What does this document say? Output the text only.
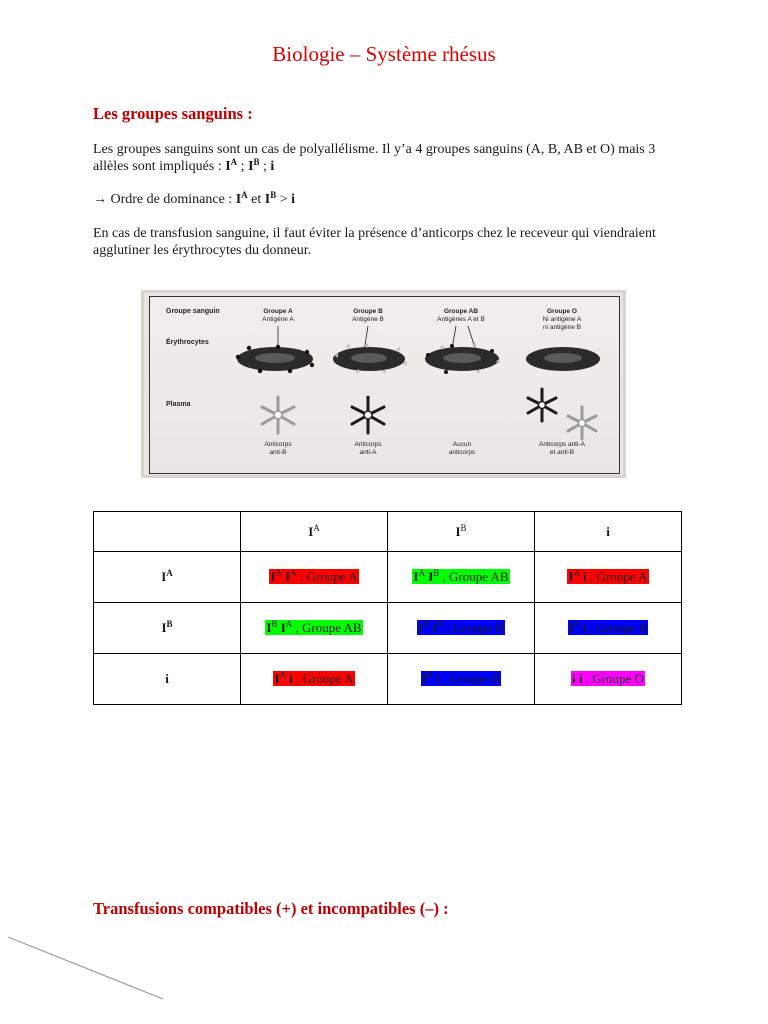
Biologie – Système rhésus
Les groupes sanguins :
Les groupes sanguins sont un cas de polyallélisme. Il y’a 4 groupes sanguins (A, B, AB et O) mais 3 allèles sont impliqués : $I^A$ ; $I^B$ ; i
→ Ordre de dominance : $I^A$ et $I^B > i$
En cas de transfusion sanguine, il faut éviter la présence d’anticorps chez le receveur qui viendraient agglutiner les érythrocytes du donneur.
Groupe sanguin
Érythrocytes
Plasma
Groupe A
Antigène A
Groupe B
Antigène B
Groupe AB
Antigènes A et B
Groupe O
Ni antigène A
ni antigène B
Anticorps
anti-B
Anticorps
anti-A
Aucun
anticorps
Anticorps anti-A
et anti-B
	$I^A$	$I^B$	i
$I^A$	$I^A$ $I^A$ , Groupe A	$I^A$ $I^B$ , Groupe AB	$I^A$ i , Groupe A
$I^B$	$I^B$ $I^A$ , Groupe AB	$I^B$ $I^B$ , Groupe B	$I^B$ i , Groupe B
i	$I^A$ i , Groupe A	$I^B$ i , Groupe B	i i , Groupe O
Transfusions compatibles (+) et incompatibles (–) :
